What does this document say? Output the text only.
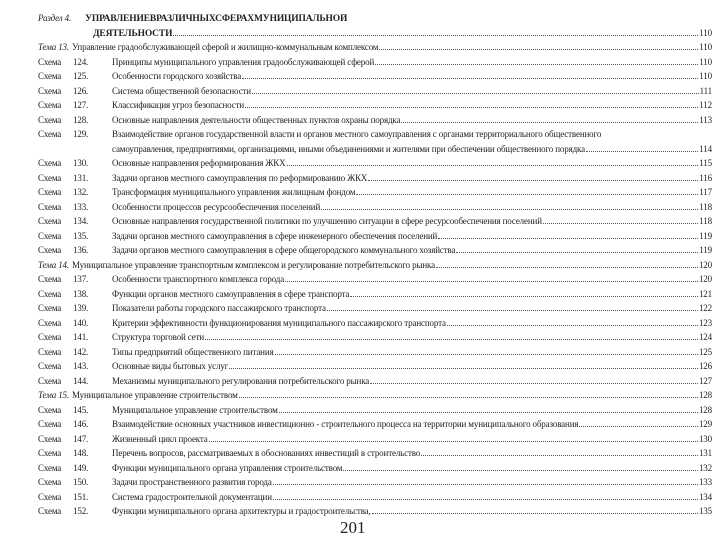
Раздел 4. УПРАВЛЕНИЕВРАЗЛИЧНЫХСФЕРАХМУНИЦИПАЛЬНОЙ
ДЕЯТЕЛЬНОСТИ	110
Тема 13. Управление градообслуживающей сферой и жилищно-коммунальным комплексом	110
Схема	124.	Принципы муниципального управления градообслуживающей сферой	110
Схема	125.	Особенности городского хозяйства	110
Схема	126.	Система общественной безопасности	111
Схема	127.	Классификация угроз безопасности	112
Схема	128.	Основные направления деятельности общественных пунктов охраны порядка	113
Схема	129.	Взаимодействие органов государственной власти и органов местного самоуправления с органами территориального общественного
самоуправления, предприятиями, организациями, иными объединениями и жителями при обеспечении общественного порядка	114
Схема	130.	Основные направления реформирования ЖКХ	115
Схема	131.	Задачи органов местного самоуправления по реформированию ЖКХ	116
Схема	132.	Трансформация муниципального управления жилищным фондом	117
Схема	133.	Особенности процессов ресурсообеспечения поселений	118
Схема	134.	Основные направления государственной политики по улучшению ситуации в сфере ресурсообеспечения поселений	118
Схема	135.	Задачи органов местного самоуправления в сфере инженерного обеспечения поселений	119
Схема	136.	Задачи органов местного самоуправления в сфере общегородского коммунального хозяйства	119
Тема 14. Муниципальное управление транспортным комплексом и регулирование потребительского рынка	120
Схема	137.	Особенности транспортного комплекса города	120
Схема	138.	Функции органов местного самоуправления в сфере транспорта	121
Схема	139.	Показатели работы городского пассажирского транспорта	122
Схема	140.	Критерии эффективности функционирования муниципального пассажирского транспорта	123
Схема	141.	Структура торговой сети	124
Схема	142.	Типы предприятий общественного питания	125
Схема	143.	Основные виды бытовых услуг	126
Схема	144.	Механизмы муниципального регулирования потребительского рынка	127
Тема 15. Муниципальное управление строительством	128
Схема	145.	Муниципальное управление строительством	128
Схема	146.	Взаимодействие основных участников инвестиционно - строительного процесса на территории муниципального образования	129
Схема	147.	Жизненный цикл проекта	130
Схема	148.	Перечень вопросов, рассматриваемых в обоснованиях инвестиций в строительство	131
Схема	149.	Функции муниципального органа управления строительством	132
Схема	150.	Задачи пространственного развития города	133
Схема	151.	Система градостроительной документации	134
Схема	152.	Функции муниципального органа архитектуры и градостроительства,	135
201
